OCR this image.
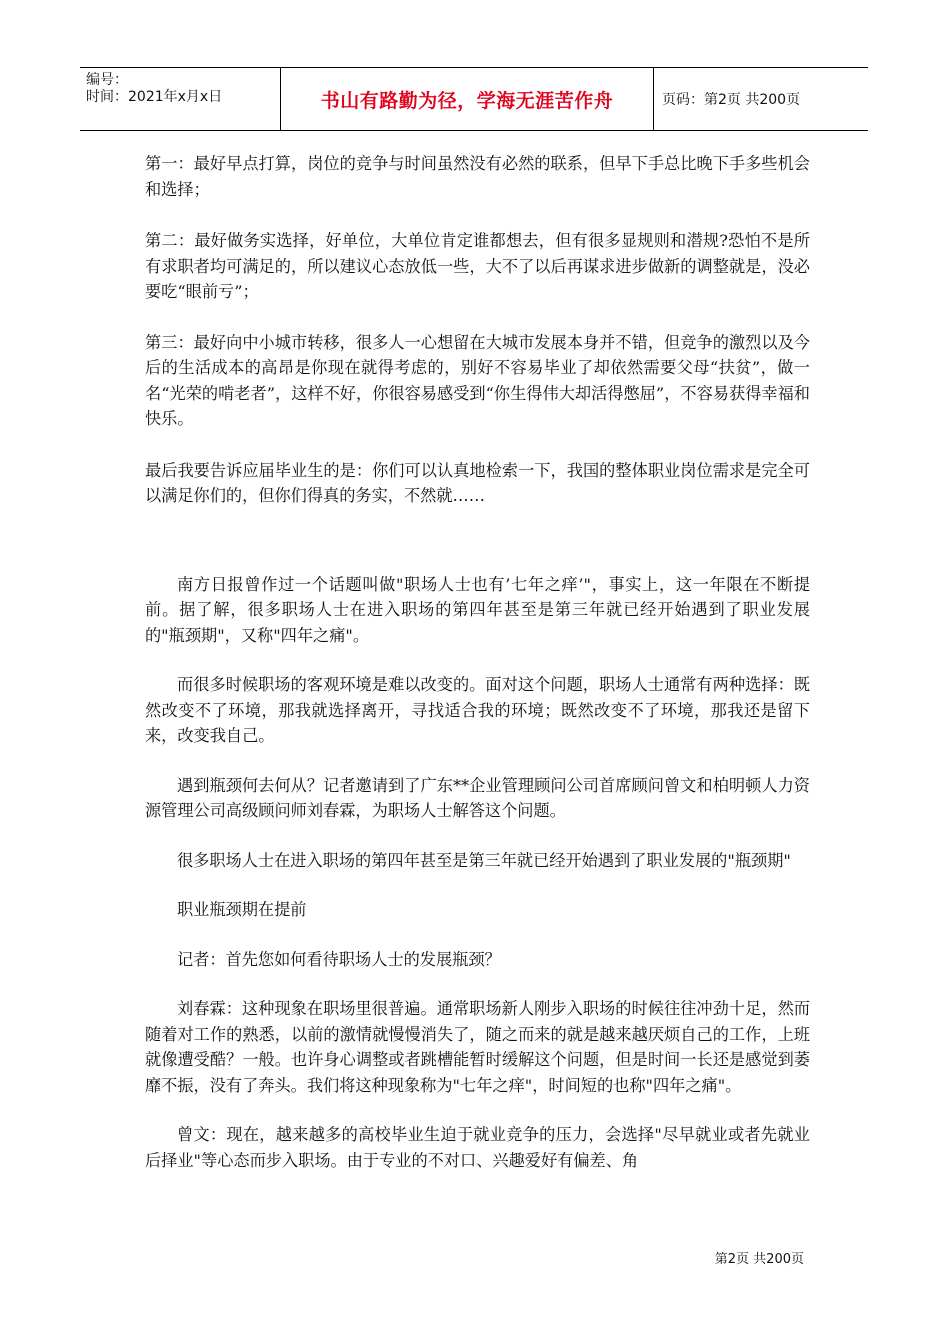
编号：
时间：2021年x月x日	书山有路勤为径，学海无涯苦作舟	页码：第2页 共200页

第一：最好早点打算，岗位的竞争与时间虽然没有必然的联系，但早下手总比晚下手多些机会和选择；

第二：最好做务实选择，好单位，大单位肯定谁都想去，但有很多显规则和潜规?恐怕不是所有求职者均可满足的，所以建议心态放低一些，大不了以后再谋求进步做新的调整就是，没必要吃“眼前亏”；

第三：最好向中小城市转移，很多人一心想留在大城市发展本身并不错，但竞争的激烈以及今后的生活成本的高昂是你现在就得考虑的，别好不容易毕业了却依然需要父母“扶贫”，做一名“光荣的啃老者”，这样不好，你很容易感受到“你生得伟大却活得憋屈”，不容易获得幸福和快乐。

最后我要告诉应届毕业生的是：你们可以认真地检索一下，我国的整体职业岗位需求是完全可以满足你们的，但你们得真的务实，不然就……

南方日报曾作过一个话题叫做"职场人士也有’七年之痒’"，事实上，这一年限在不断提前。据了解，很多职场人士在进入职场的第四年甚至是第三年就已经开始遇到了职业发展的"瓶颈期"，又称"四年之痛"。

而很多时候职场的客观环境是难以改变的。面对这个问题，职场人士通常有两种选择：既然改变不了环境，那我就选择离开，寻找适合我的环境；既然改变不了环境，那我还是留下来，改变我自己。

遇到瓶颈何去何从？记者邀请到了广东**企业管理顾问公司首席顾问曾文和柏明顿人力资源管理公司高级顾问师刘春霖，为职场人士解答这个问题。

很多职场人士在进入职场的第四年甚至是第三年就已经开始遇到了职业发展的"瓶颈期"

职业瓶颈期在提前

记者：首先您如何看待职场人士的发展瓶颈？

刘春霖：这种现象在职场里很普遍。通常职场新人刚步入职场的时候往往冲劲十足，然而随着对工作的熟悉，以前的激情就慢慢消失了，随之而来的就是越来越厌烦自己的工作，上班就像遭受酷？一般。也许身心调整或者跳槽能暂时缓解这个问题，但是时间一长还是感觉到萎靡不振，没有了奔头。我们将这种现象称为"七年之痒"，时间短的也称"四年之痛"。

曾文：现在，越来越多的高校毕业生迫于就业竞争的压力，会选择"尽早就业或者先就业后择业"等心态而步入职场。由于专业的不对口、兴趣爱好有偏差、角

第2页 共200页
